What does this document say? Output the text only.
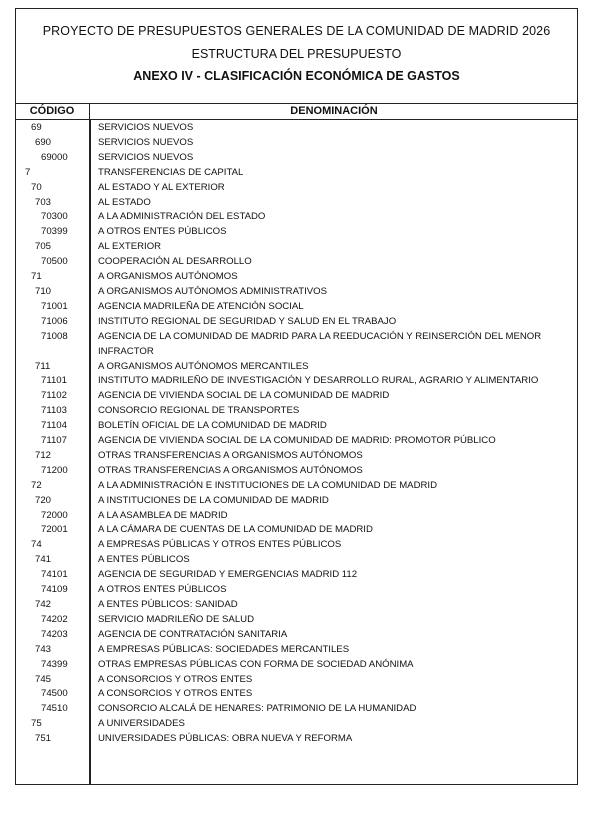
PROYECTO DE PRESUPUESTOS GENERALES DE LA COMUNIDAD DE MADRID 2026
ESTRUCTURA DEL PRESUPUESTO
ANEXO IV - CLASIFICACIÓN ECONÓMICA DE GASTOS
CÓDIGO	DENOMINACIÓN
69	SERVICIOS NUEVOS
690	SERVICIOS NUEVOS
69000	SERVICIOS NUEVOS
7	TRANSFERENCIAS DE CAPITAL
70	AL ESTADO Y AL EXTERIOR
703	AL ESTADO
70300	A LA ADMINISTRACIÓN DEL ESTADO
70399	A OTROS ENTES PÚBLICOS
705	AL EXTERIOR
70500	COOPERACIÓN AL DESARROLLO
71	A ORGANISMOS AUTÓNOMOS
710	A ORGANISMOS AUTÓNOMOS ADMINISTRATIVOS
71001	AGENCIA MADRILEÑA DE ATENCIÓN SOCIAL
71006	INSTITUTO REGIONAL DE SEGURIDAD Y SALUD EN EL TRABAJO
71008	AGENCIA DE LA COMUNIDAD DE MADRID PARA LA REEDUCACIÓN Y REINSERCIÓN DEL MENOR INFRACTOR
711	A ORGANISMOS AUTÓNOMOS MERCANTILES
71101	INSTITUTO MADRILEÑO DE INVESTIGACIÓN Y DESARROLLO RURAL, AGRARIO Y ALIMENTARIO
71102	AGENCIA DE VIVIENDA SOCIAL DE LA COMUNIDAD DE MADRID
71103	CONSORCIO REGIONAL DE TRANSPORTES
71104	BOLETÍN OFICIAL DE LA COMUNIDAD DE MADRID
71107	AGENCIA DE VIVIENDA SOCIAL DE LA COMUNIDAD DE MADRID: PROMOTOR PÚBLICO
712	OTRAS TRANSFERENCIAS A ORGANISMOS AUTÓNOMOS
71200	OTRAS TRANSFERENCIAS A ORGANISMOS AUTÓNOMOS
72	A LA ADMINISTRACIÓN E INSTITUCIONES DE LA COMUNIDAD DE MADRID
720	A INSTITUCIONES DE LA COMUNIDAD DE MADRID
72000	A LA ASAMBLEA DE MADRID
72001	A LA CÁMARA DE CUENTAS DE LA COMUNIDAD DE MADRID
74	A EMPRESAS PÚBLICAS Y OTROS ENTES PÚBLICOS
741	A ENTES PÚBLICOS
74101	AGENCIA DE SEGURIDAD Y EMERGENCIAS MADRID 112
74109	A OTROS ENTES PÚBLICOS
742	A ENTES PÚBLICOS: SANIDAD
74202	SERVICIO MADRILEÑO DE SALUD
74203	AGENCIA DE CONTRATACIÓN SANITARIA
743	A EMPRESAS PÚBLICAS: SOCIEDADES MERCANTILES
74399	OTRAS EMPRESAS PÚBLICAS CON FORMA DE SOCIEDAD ANÓNIMA
745	A CONSORCIOS Y OTROS ENTES
74500	A CONSORCIOS Y OTROS ENTES
74510	CONSORCIO ALCALÁ DE HENARES: PATRIMONIO DE LA HUMANIDAD
75	A UNIVERSIDADES
751	UNIVERSIDADES PÚBLICAS: OBRA NUEVA Y REFORMA
